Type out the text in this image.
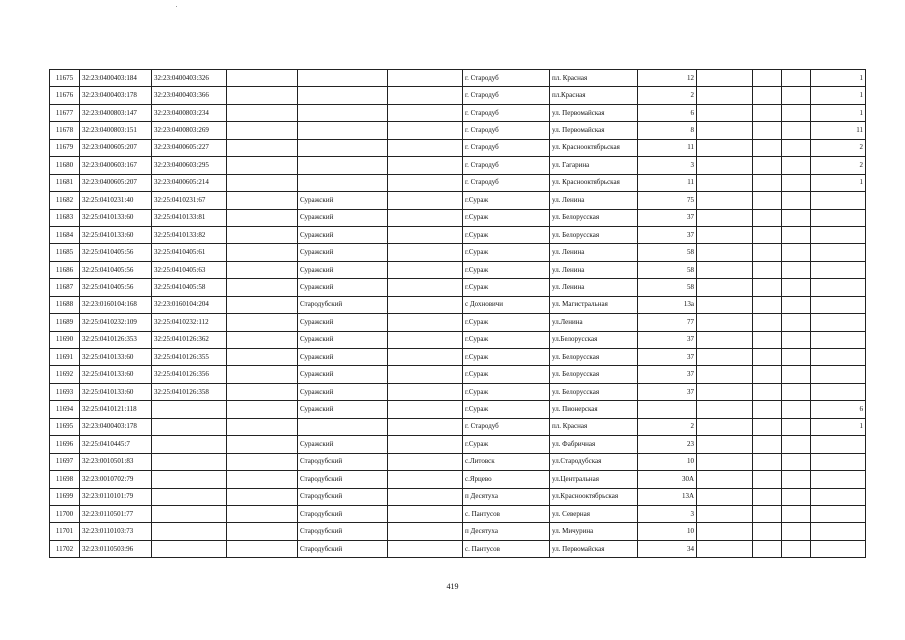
11675	32:23:0400403:184	32:23:0400403:326				г. Стародуб	пл. Красная	12				1
11676	32:23:0400403:178	32:23:0400403:366				г. Стародуб	пл.Красная	2				1
11677	32:23:0400803:147	32:23:0400803:234				г. Стародуб	ул. Первомайская	6				1
11678	32:23:0400803:151	32:23:0400803:269				г. Стародуб	ул. Первомайская	8				11
11679	32:23:0400605:207	32:23:0400605:227				г. Стародуб	ул. Краснооктябрьская	11				2
11680	32:23:0400603:167	32:23:0400603:295				г. Стародуб	ул. Гагарина	3				2
11681	32:23:0400605:207	32:23:0400605:214				г. Стародуб	ул. Краснооктябрьская	11				1
11682	32:25:0410231:40	32:25:0410231:67		Суражский		г.Сураж	ул. Ленина	75				
11683	32:25:0410133:60	32:25:0410133:81		Суражский		г.Сураж	ул. Белорусская	37				
11684	32:25:0410133:60	32:25:0410133:82		Суражский		г.Сураж	ул. Белорусская	37				
11685	32:25:0410405:56	32:25:0410405:61		Суражский		г.Сураж	ул. Ленина	58				
11686	32:25:0410405:56	32:25:0410405:63		Суражский		г.Сураж	ул. Ленина	58				
11687	32:25:0410405:56	32:25:0410405:58		Суражский		г.Сураж	ул. Ленина	58				
11688	32:23:0160104:168	32:23:0160104:204		Стародубский		с Дохновичи	ул. Магистральная	13а				
11689	32:25:0410232:109	32:25:0410232:112		Суражский		г.Сураж	ул.Ленина	77				
11690	32:25:0410126:353	32:25:0410126:362		Суражский		г.Сураж	ул.Белорусская	37				
11691	32:25:0410133:60	32:25:0410126:355		Суражский		г.Сураж	ул. Белорусская	37				
11692	32:25:0410133:60	32:25:0410126:356		Суражский		г.Сураж	ул. Белорусская	37				
11693	32:25:0410133:60	32:25:0410126:358		Суражский		г.Сураж	ул. Белорусская	37				
11694	32:25:0410121:118			Суражский		г.Сураж	ул. Пионерская					6
11695	32:23:0400403:178					г. Стародуб	пл. Красная	2				1
11696	32:25:0410445:7			Суражский		г.Сураж	ул. Фабричная	23				
11697	32:23:0010501:83			Стародубский		с.Литовск	ул.Стародубская	10				
11698	32:23:0010702:79			Стародубский		с.Ярцево	ул.Центральная	30А				
11699	32:23:0110101:79			Стародубский		п Десятуха	ул.Краснооктябрьская	13А				
11700	32:23:0110501:77			Стародубский		с. Пантусов	ул. Северная	3				
11701	32:23:0110103:73			Стародубский		п Десятуха	ул. Мичурина	10				
11702	32:23:0110503:96			Стародубский		с. Пантусов	ул. Первомайская	34				
419
